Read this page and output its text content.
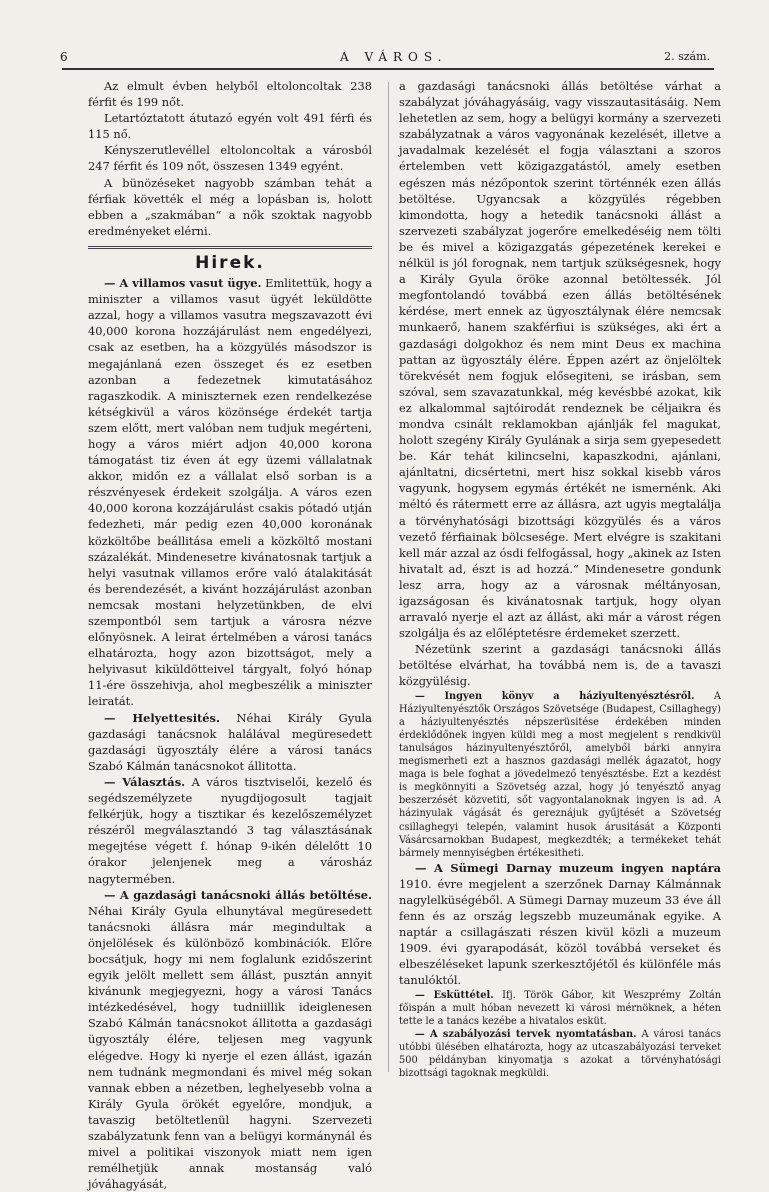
6	A VÁROS.	2. szám.

Az elmult évben helyből eltoloncoltak 238 férfit és 199 nőt.

Letartóztatott átutazó egyén volt 491 férfi és 115 nő.

Kényszerutlevéllel eltoloncoltak a városból 247 férfit és 109 nőt, összesen 1349 egyént.

A bünözéseket nagyobb számban tehát a férfiak követték el még a lopásban is, holott ebben a „szakmában“ a nők szoktak nagyobb eredményeket elérni.

Hirek.

— A villamos vasut ügye. Emlitettük, hogy a miniszter a villamos vasut ügyét leküldötte azzal, hogy a villamos vasutra megszavazott évi 40,000 korona hozzájárulást nem engedélyezi, csak az esetben, ha a közgyülés másodszor is megajánlaná ezen összeget és ez esetben azonban a fedezetnek kimutatásához ragaszkodik. A miniszternek ezen rendelkezése kétségkivül a város közönsége érdekét tartja szem előtt, mert valóban nem tudjuk megérteni, hogy a város miért adjon 40,000 korona támogatást tiz éven át egy üzemi vállalatnak akkor, midőn ez a vállalat első sorban is a részvényesek érdekeit szolgálja. A város ezen 40,000 korona kozzájárulást csakis pótadó utján fedezheti, már pedig ezen 40,000 koronának közköltőbe beállitása emeli a közköltő mostani százalékát. Mindenesetre kivánatosnak tartjuk a helyi vasutnak villamos erőre való átalakitását és berendezését, a kivánt hozzájárulást azonban nemcsak mostani helyzetünkben, de elvi szempontból sem tartjuk a városra nézve előnyösnek. A leirat értelmében a városi tanács elhatározta, hogy azon bizottságot, mely a helyivasut kiküldötteivel tárgyalt, folyó hónap 11-ére összehivja, ahol megbeszélik a miniszter leiratát.

— Helyettesités. Néhai Király Gyula gazdasági tanácsnok halálával megüresedett gazdasági ügyosztály élére a városi tanács Szabó Kálmán tanácsnokot állitotta.

— Választás. A város tisztviselői, kezelő és segédszemélyzete nyugdijogosult tagjait felkérjük, hogy a tisztikar és kezelőszemélyzet részéről megválasztandó 3 tag választásának megejtése végett f. hónap 9-ikén délelőtt 10 órakor jelenjenek meg a városház nagytermében.

— A gazdasági tanácsnoki állás betöltése. Néhai Király Gyula elhunytával megüresedett tanácsnoki állásra már megindultak a önjelölések és különböző kombinációk. Előre bocsátjuk, hogy mi nem foglalunk ezidőszerint egyik jelölt mellett sem állást, pusztán annyit kivánunk megjegyezni, hogy a városi Tanács intézkedésével, hogy tudniillik ideiglenesen Szabó Kálmán tanácsnokot állitotta a gazdasági ügyosztály élére, teljesen meg vagyunk elégedve. Hogy ki nyerje el ezen állást, igazán nem tudnánk megmondani és mivel még sokan vannak ebben a nézetben, leghelyesebb volna a Király Gyula örökét egyelőre, mondjuk, a tavaszig betöltetlenül hagyni. Szervezeti szabályzatunk fenn van a belügyi kormánynál és mivel a politikai viszonyok miatt nem igen remélhetjük annak mostanság való jóváhagyását,

a gazdasági tanácsnoki állás betöltése várhat a szabályzat jóváhagyásáig, vagy visszautasitásáig. Nem lehetetlen az sem, hogy a belügyi kormány a szervezeti szabályzatnak a város vagyonának kezelését, illetve a javadalmak kezelését el fogja választani a szoros értelemben vett közigazgatástól, amely esetben egészen más nézőpontok szerint történnék ezen állás betöltése. Ugyancsak a közgyülés régebben kimondotta, hogy a hetedik tanácsnoki állást a szervezeti szabályzat jogerőre emelkedéséig nem tölti be és mivel a közigazgatás gépezetének kerekei e nélkül is jól forognak, nem tartjuk szükségesnek, hogy a Király Gyula öröke azonnal betöltessék. Jól megfontolandó továbbá ezen állás betöltésének kérdése, mert ennek az ügyosztálynak élére nemcsak munkaerő, hanem szakférfiui is szükséges, aki ért a gazdasági dolgokhoz és nem mint Deus ex machina pattan az ügyosztály élére. Éppen azért az önjelöltek törekvését nem fogjuk elősegiteni, se irásban, sem szóval, sem szavazatunkkal, még kevésbbé azokat, kik ez alkalommal sajtóirodát rendeznek be céljaikra és mondva csinált reklamokban ajánlják fel magukat, holott szegény Király Gyulának a sirja sem gyepesedett be. Kár tehát kilincselni, kapaszkodni, ajánlani, ajánltatni, dicsértetni, mert hisz sokkal kisebb város vagyunk, hogysem egymás értékét ne ismernénk. Aki méltó és rátermett erre az állásra, azt ugyis megtalálja a törvényhatósági bizottsági közgyülés és a város vezető férfiainak bölcsesége. Mert elvégre is szakitani kell már azzal az ósdi felfogással, hogy „akinek az Isten hivatalt ad, észt is ad hozzá.“ Mindenesetre gondunk lesz arra, hogy az a városnak méltányosan, igazságosan és kivánatosnak tartjuk, hogy olyan arravaló nyerje el azt az állást, aki már a várost régen szolgálja és az előléptetésre érdemeket szerzett.

Nézetünk szerint a gazdasági tanácsnoki állás betöltése elvárhat, ha továbbá nem is, de a tavaszi közgyülésig.

— Ingyen könyv a háziyultenyésztésről. A Háziyultenyésztők Országos Szövetsége (Budapest, Csillaghegy) a háziyultenyésztés népszerüsitése érdekében minden érdeklődőnek ingyen küldi meg a most megjelent s rendkivül tanulságos házinyultenyésztőről, amelyből bárki annyira megismerheti ezt a hasznos gazdasági mellék ágazatot, hogy maga is bele foghat a jövedelmező tenyésztésbe. Ezt a kezdést is megkönnyiti a Szövetség azzal, hogy jó tenyésztő anyag beszerzését közvetiti, sőt vagyontalanoknak ingyen is ad. A házinyulak vágását és gereznájuk gyűjtését a Szövetség csillaghegyi telepén, valamint husok árusitását a Központi Vásárcsarnokban Budapest, megkezdték; a termékeket tehát bármely mennyiségben értékesitheti.

— A Sümegi Darnay muzeum ingyen naptára 1910. évre megjelent a szerzőnek Darnay Kálmánnak nagylelküségéből. A Sümegi Darnay muzeum 33 éve áll fenn és az ország legszebb muzeumának egyike. A naptár a csillagászati részen kivül közli a muzeum 1909. évi gyarapodását, közöl továbbá verseket és elbeszéléseket lapunk szerkesztőjétől és különféle más tanulóktól.

— Esküttétel. Ifj. Török Gábor, kit Weszprémy Zoltán főispán a mult hóban nevezett ki városi mérnöknek, a héten tette le a tanács kezébe a hivatalos esküt.

— A szabályozási tervek nyomtatásban. A városi tanács utóbbi ülésében elhatározta, hogy az utcaszabályozási terveket 500 példányban kinyomatja s azokat a törvényhatósági bizottsági tagoknak megküldi.
